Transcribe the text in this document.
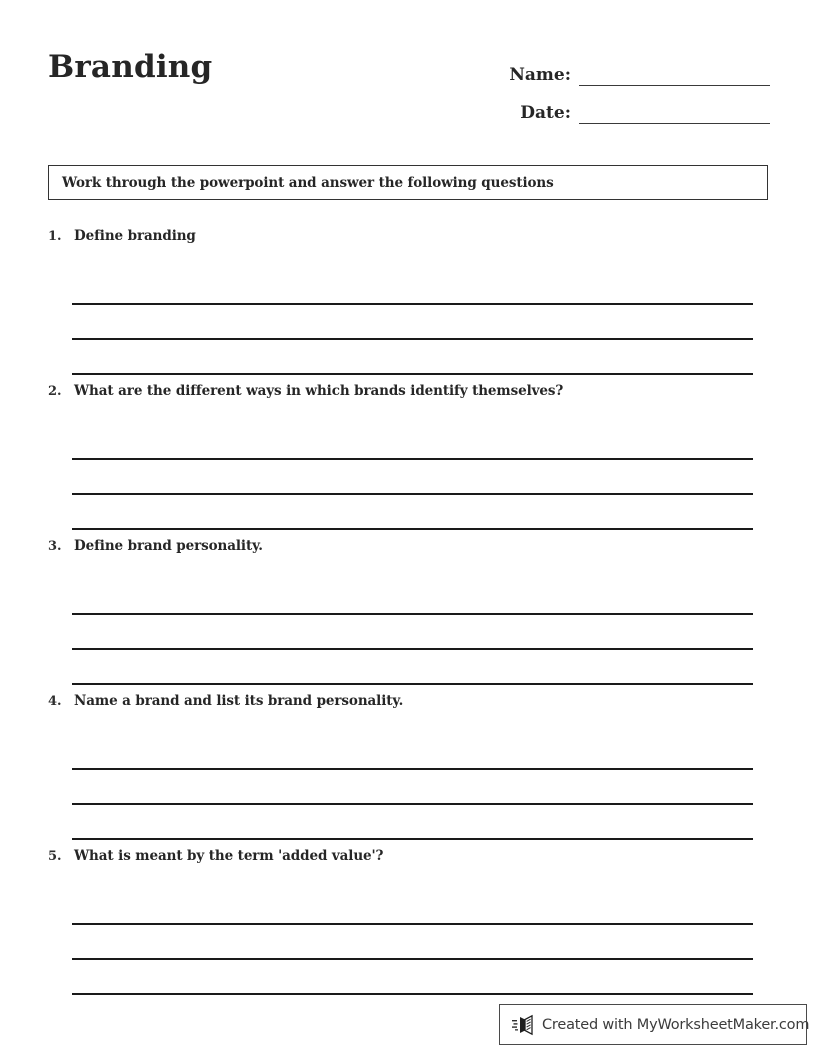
Branding	Name:
Date:
Work through the powerpoint and answer the following questions
1. Define branding
2. What are the different ways in which brands identify themselves?
3. Define brand personality.
4. Name a brand and list its brand personality.
5. What is meant by the term 'added value'?
Created with MyWorksheetMaker.com
